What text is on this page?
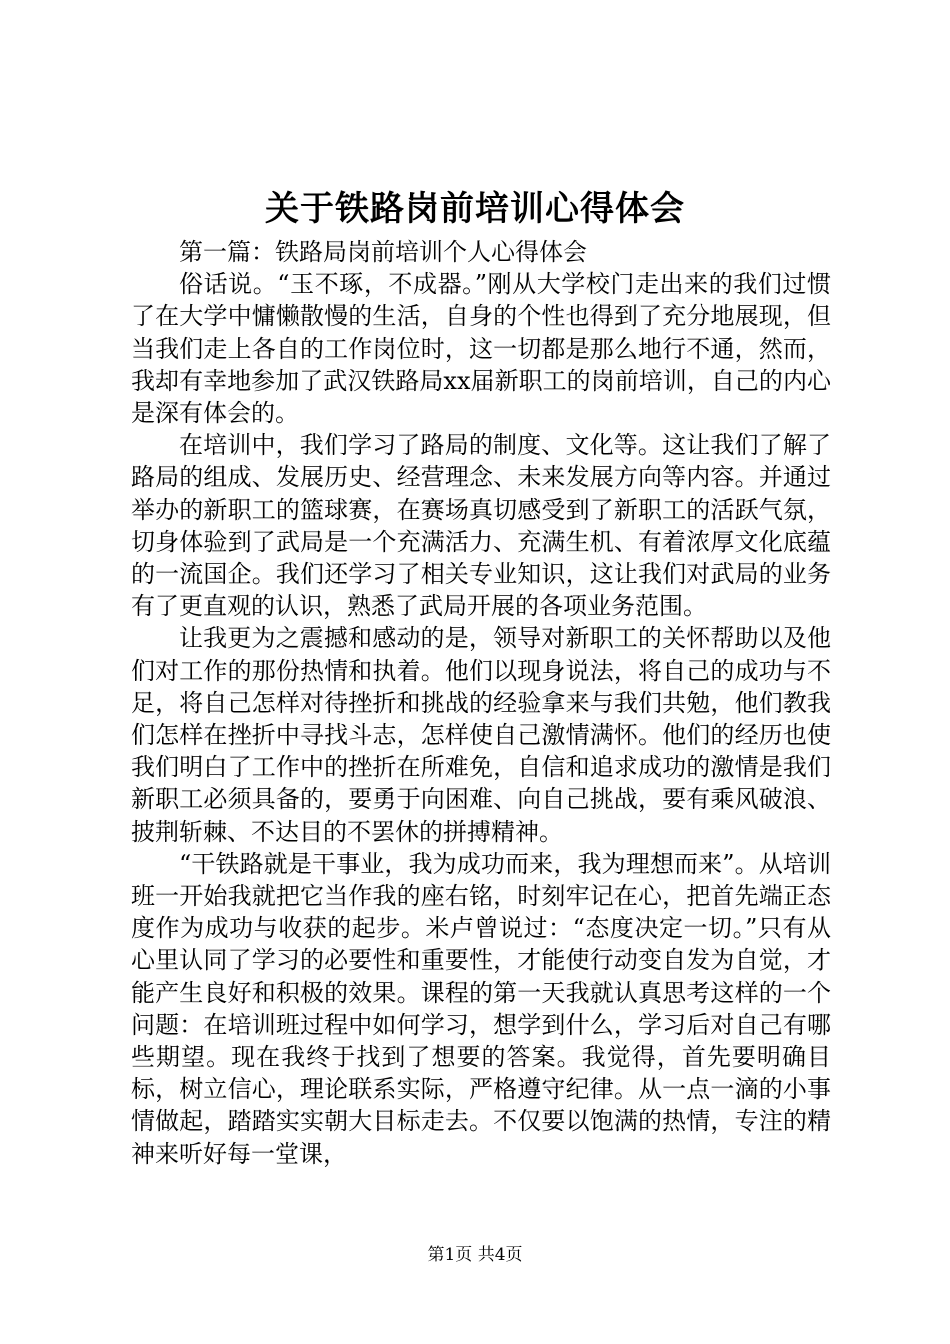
关于铁路岗前培训心得体会

第一篇：铁路局岗前培训个人心得体会

俗话说。“玉不琢，不成器。”刚从大学校门走出来的我们过惯了在大学中慵懒散慢的生活，自身的个性也得到了充分地展现，但当我们走上各自的工作岗位时，这一切都是那么地行不通，然而，我却有幸地参加了武汉铁路局xx届新职工的岗前培训，自己的内心是深有体会的。

在培训中，我们学习了路局的制度、文化等。这让我们了解了路局的组成、发展历史、经营理念、未来发展方向等内容。并通过举办的新职工的篮球赛，在赛场真切感受到了新职工的活跃气氛，切身体验到了武局是一个充满活力、充满生机、有着浓厚文化底蕴的一流国企。我们还学习了相关专业知识，这让我们对武局的业务有了更直观的认识，熟悉了武局开展的各项业务范围。

让我更为之震撼和感动的是，领导对新职工的关怀帮助以及他们对工作的那份热情和执着。他们以现身说法，将自己的成功与不足，将自己怎样对待挫折和挑战的经验拿来与我们共勉，他们教我们怎样在挫折中寻找斗志，怎样使自己激情满怀。他们的经历也使我们明白了工作中的挫折在所难免，自信和追求成功的激情是我们新职工必须具备的，要勇于向困难、向自己挑战，要有乘风破浪、披荆斩棘、不达目的不罢休的拼搏精神。

“干铁路就是干事业，我为成功而来，我为理想而来”。从培训班一开始我就把它当作我的座右铭，时刻牢记在心，把首先端正态度作为成功与收获的起步。米卢曾说过：“态度决定一切。”只有从心里认同了学习的必要性和重要性，才能使行动变自发为自觉，才能产生良好和积极的效果。课程的第一天我就认真思考这样的一个问题：在培训班过程中如何学习，想学到什么，学习后对自己有哪些期望。现在我终于找到了想要的答案。我觉得，首先要明确目标，树立信心，理论联系实际，严格遵守纪律。从一点一滴的小事情做起，踏踏实实朝大目标走去。不仅要以饱满的热情，专注的精神来听好每一堂课，

第1页 共4页
